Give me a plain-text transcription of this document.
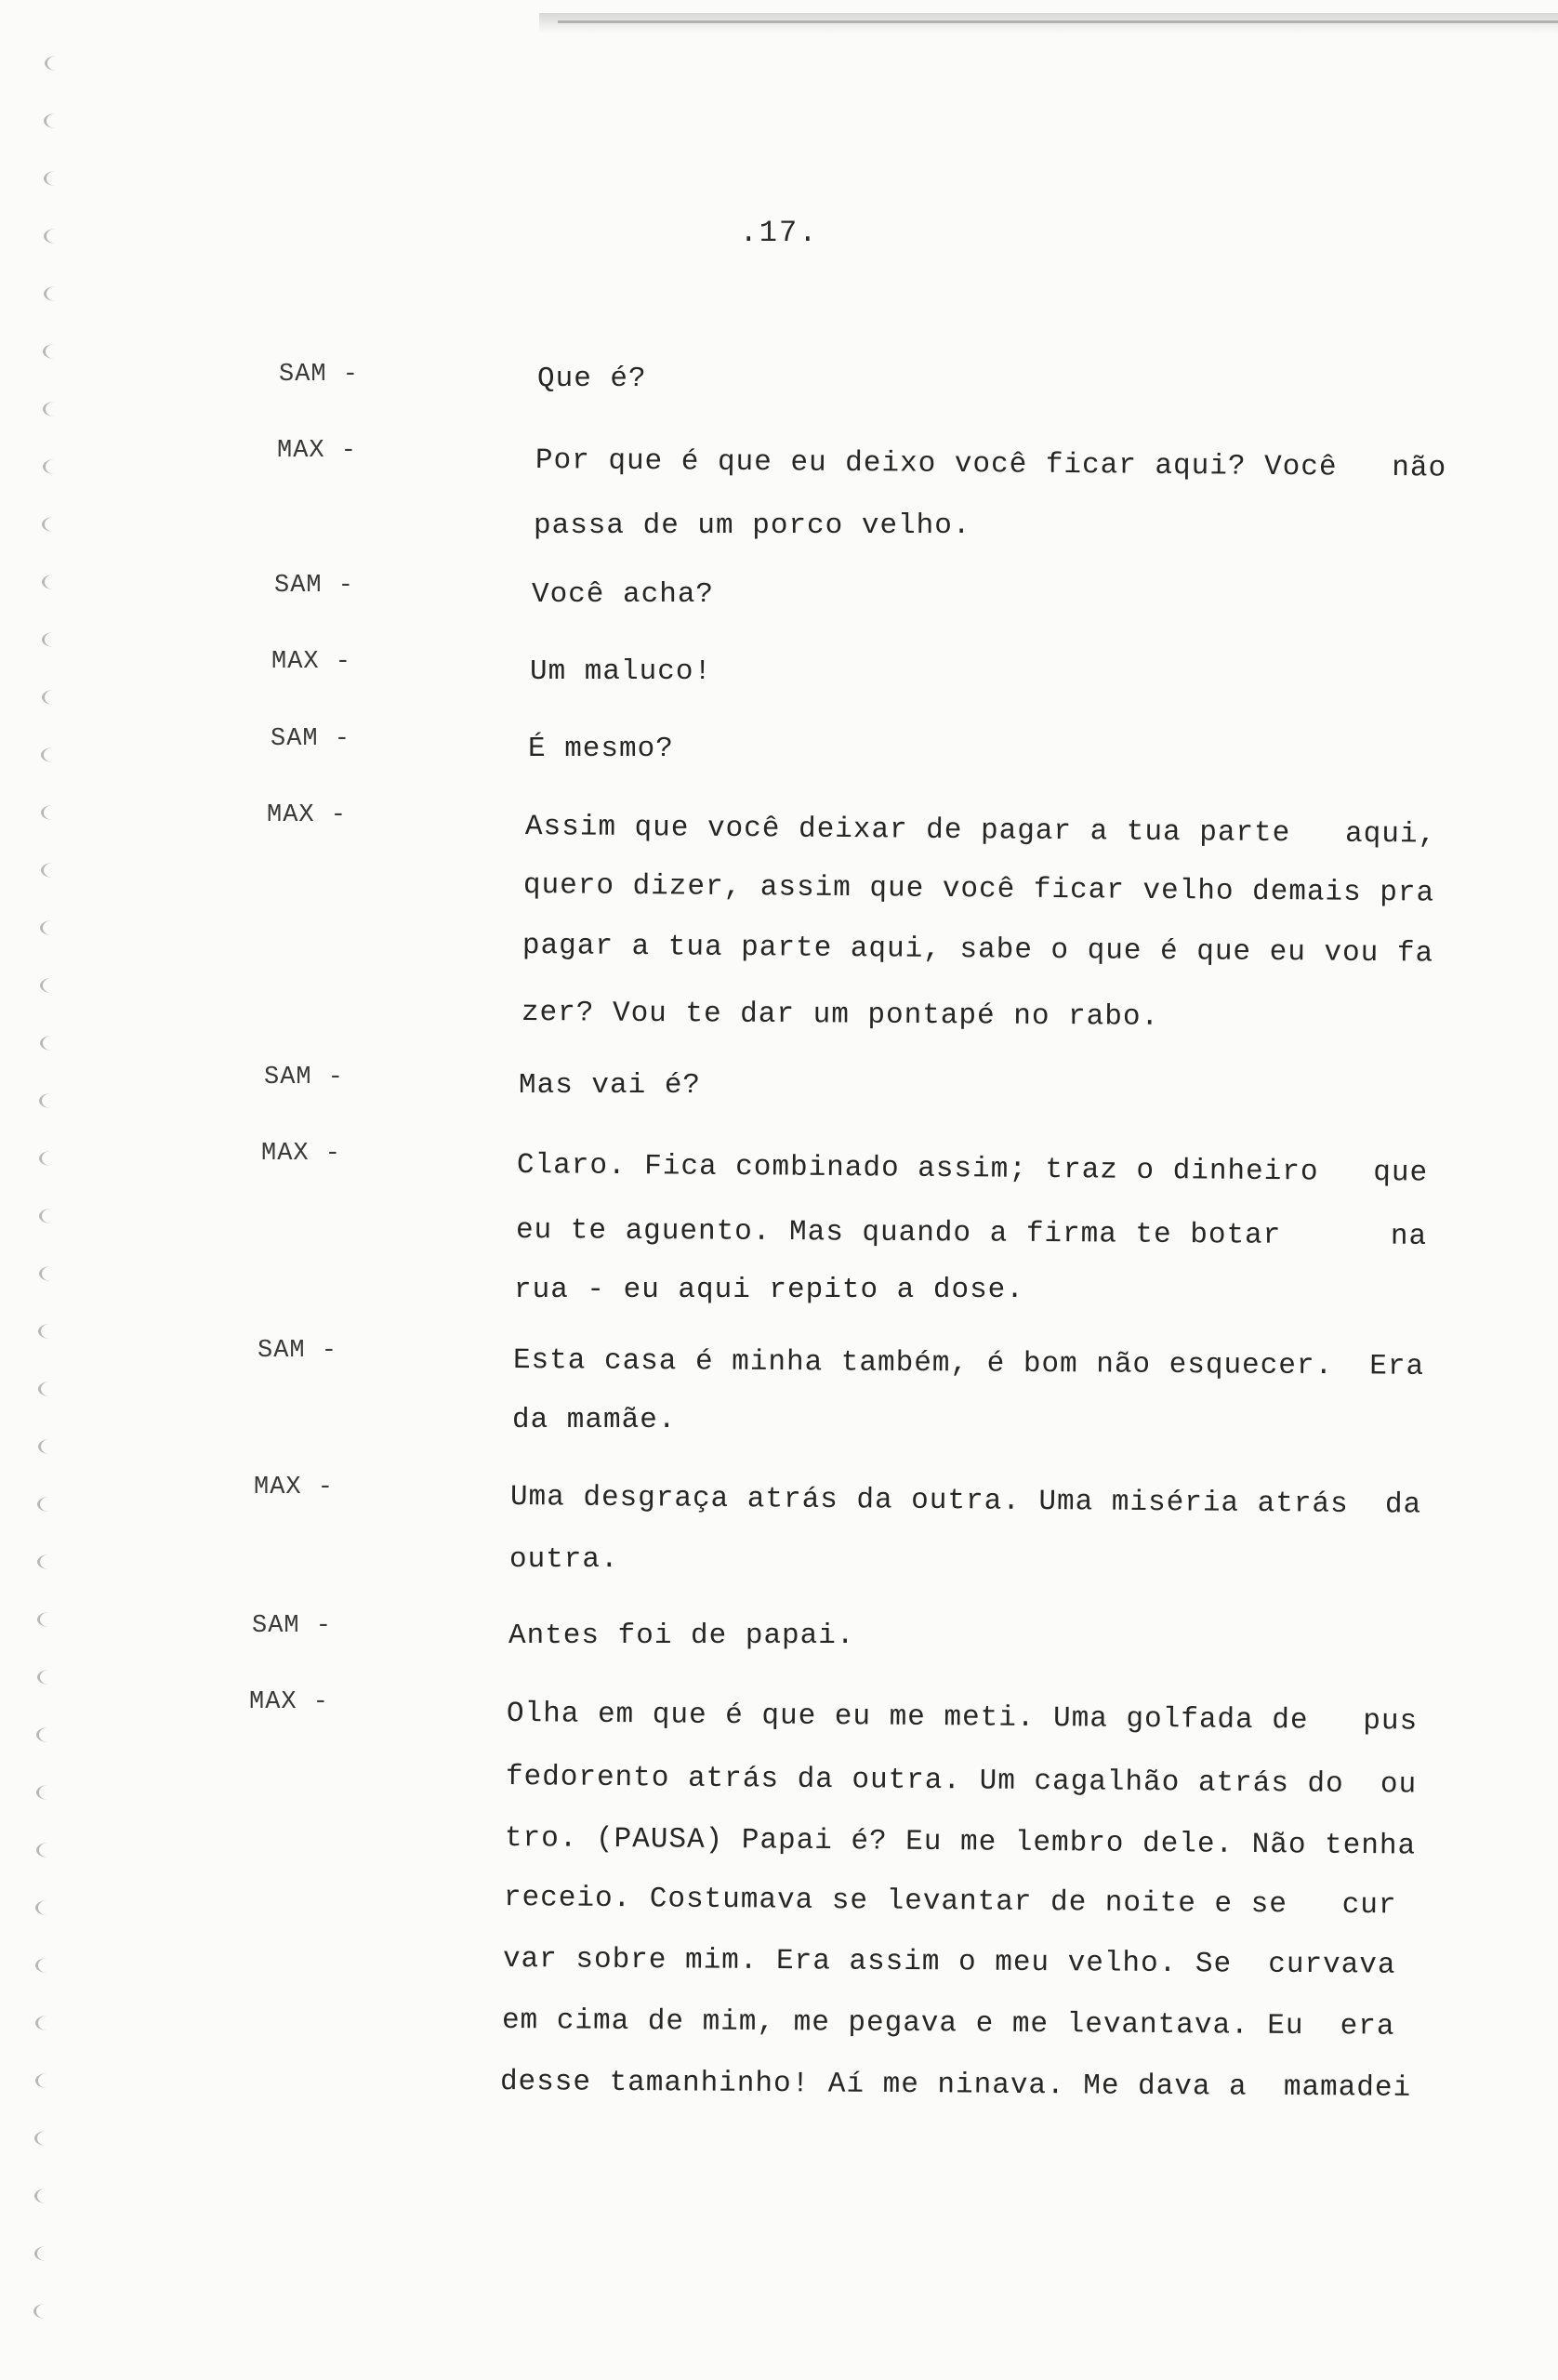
.17.
SAM -	Que é?
MAX -	Por que é que eu deixo você ficar aqui? Você   não
passa de um porco velho.
SAM -	Você acha?
MAX -	Um maluco!
SAM -	É mesmo?
MAX -	Assim que você deixar de pagar a tua parte   aqui,
quero dizer, assim que você ficar velho demais pra
pagar a tua parte aqui, sabe o que é que eu vou fa
zer? Vou te dar um pontapé no rabo.
SAM -	Mas vai é?
MAX -	Claro. Fica combinado assim; traz o dinheiro   que
eu te aguento. Mas quando a firma te botar      na
rua - eu aqui repito a dose.
SAM -	Esta casa é minha também, é bom não esquecer.  Era
da mamãe.
MAX -	Uma desgraça atrás da outra. Uma miséria atrás  da
outra.
SAM -	Antes foi de papai.
MAX -	Olha em que é que eu me meti. Uma golfada de   pus
fedorento atrás da outra. Um cagalhão atrás do  ou
tro. (PAUSA) Papai é? Eu me lembro dele. Não tenha
receio. Costumava se levantar de noite e se   cur
var sobre mim. Era assim o meu velho. Se  curvava
em cima de mim, me pegava e me levantava. Eu  era
desse tamanhinho! Aí me ninava. Me dava a  mamadei
